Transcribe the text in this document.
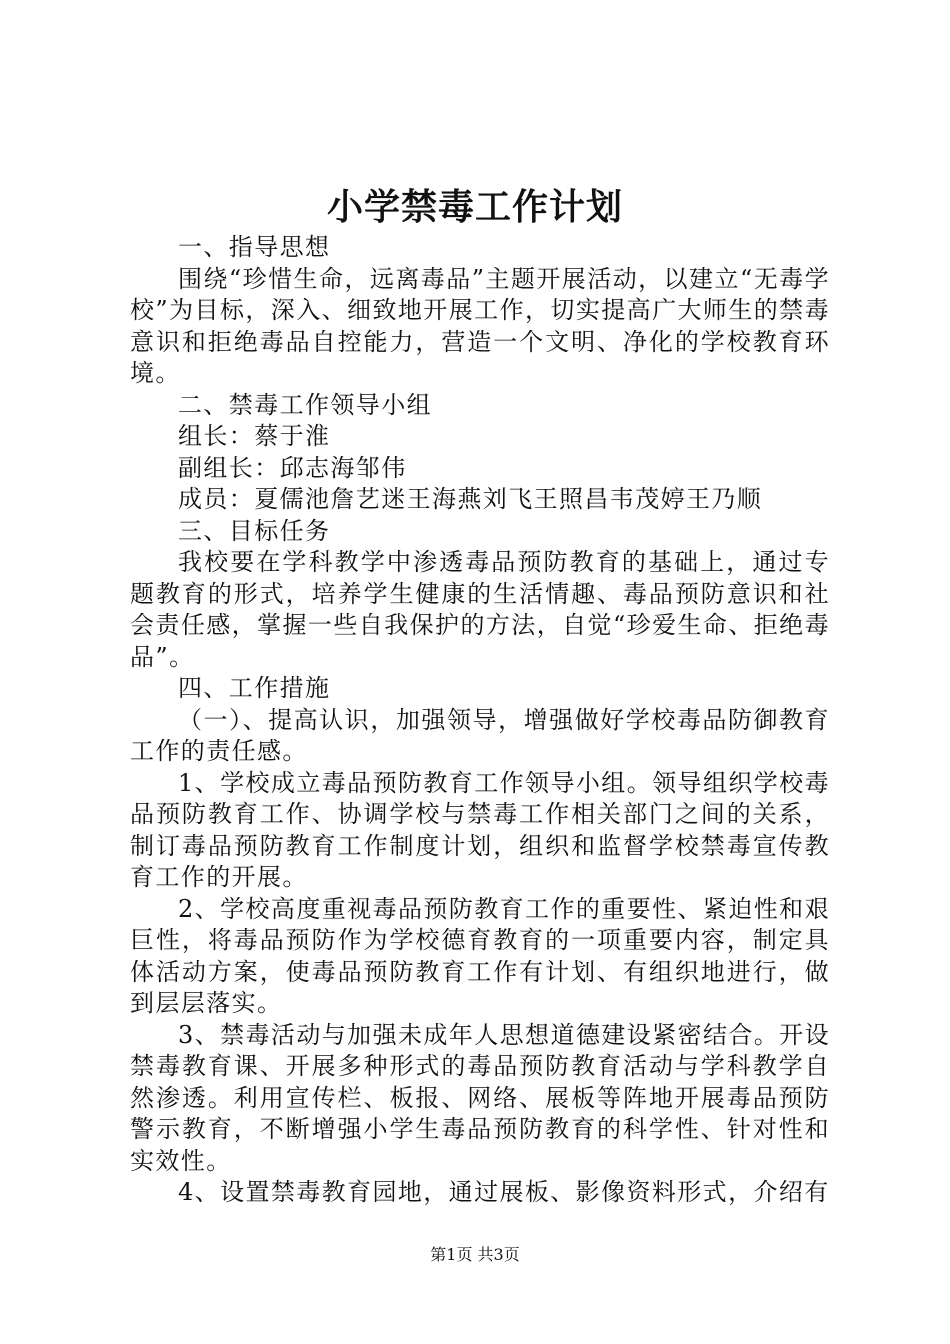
小学禁毒工作计划

一、指导思想

围绕“珍惜生命，远离毒品”主题开展活动，以建立“无毒学校”为目标，深入、细致地开展工作，切实提高广大师生的禁毒意识和拒绝毒品自控能力，营造一个文明、净化的学校教育环境。

二、禁毒工作领导小组

组长：蔡于淮

副组长：邱志海邹伟

成员：夏儒池詹艺迷王海燕刘飞王照昌韦茂婷王乃顺

三、目标任务

我校要在学科教学中渗透毒品预防教育的基础上，通过专题教育的形式，培养学生健康的生活情趣、毒品预防意识和社会责任感，掌握一些自我保护的方法，自觉“珍爱生命、拒绝毒品”。

四、工作措施

（一）、提高认识，加强领导，增强做好学校毒品防御教育工作的责任感。

1、学校成立毒品预防教育工作领导小组。领导组织学校毒品预防教育工作、协调学校与禁毒工作相关部门之间的关系，制订毒品预防教育工作制度计划，组织和监督学校禁毒宣传教育工作的开展。

2、学校高度重视毒品预防教育工作的重要性、紧迫性和艰巨性，将毒品预防作为学校德育教育的一项重要内容，制定具体活动方案，使毒品预防教育工作有计划、有组织地进行，做到层层落实。

3、禁毒活动与加强未成年人思想道德建设紧密结合。开设禁毒教育课、开展多种形式的毒品预防教育活动与学科教学自然渗透。利用宣传栏、板报、网络、展板等阵地开展毒品预防警示教育，不断增强小学生毒品预防教育的科学性、针对性和实效性。

4、设置禁毒教育园地，通过展板、影像资料形式，介绍有

第1页 共3页
